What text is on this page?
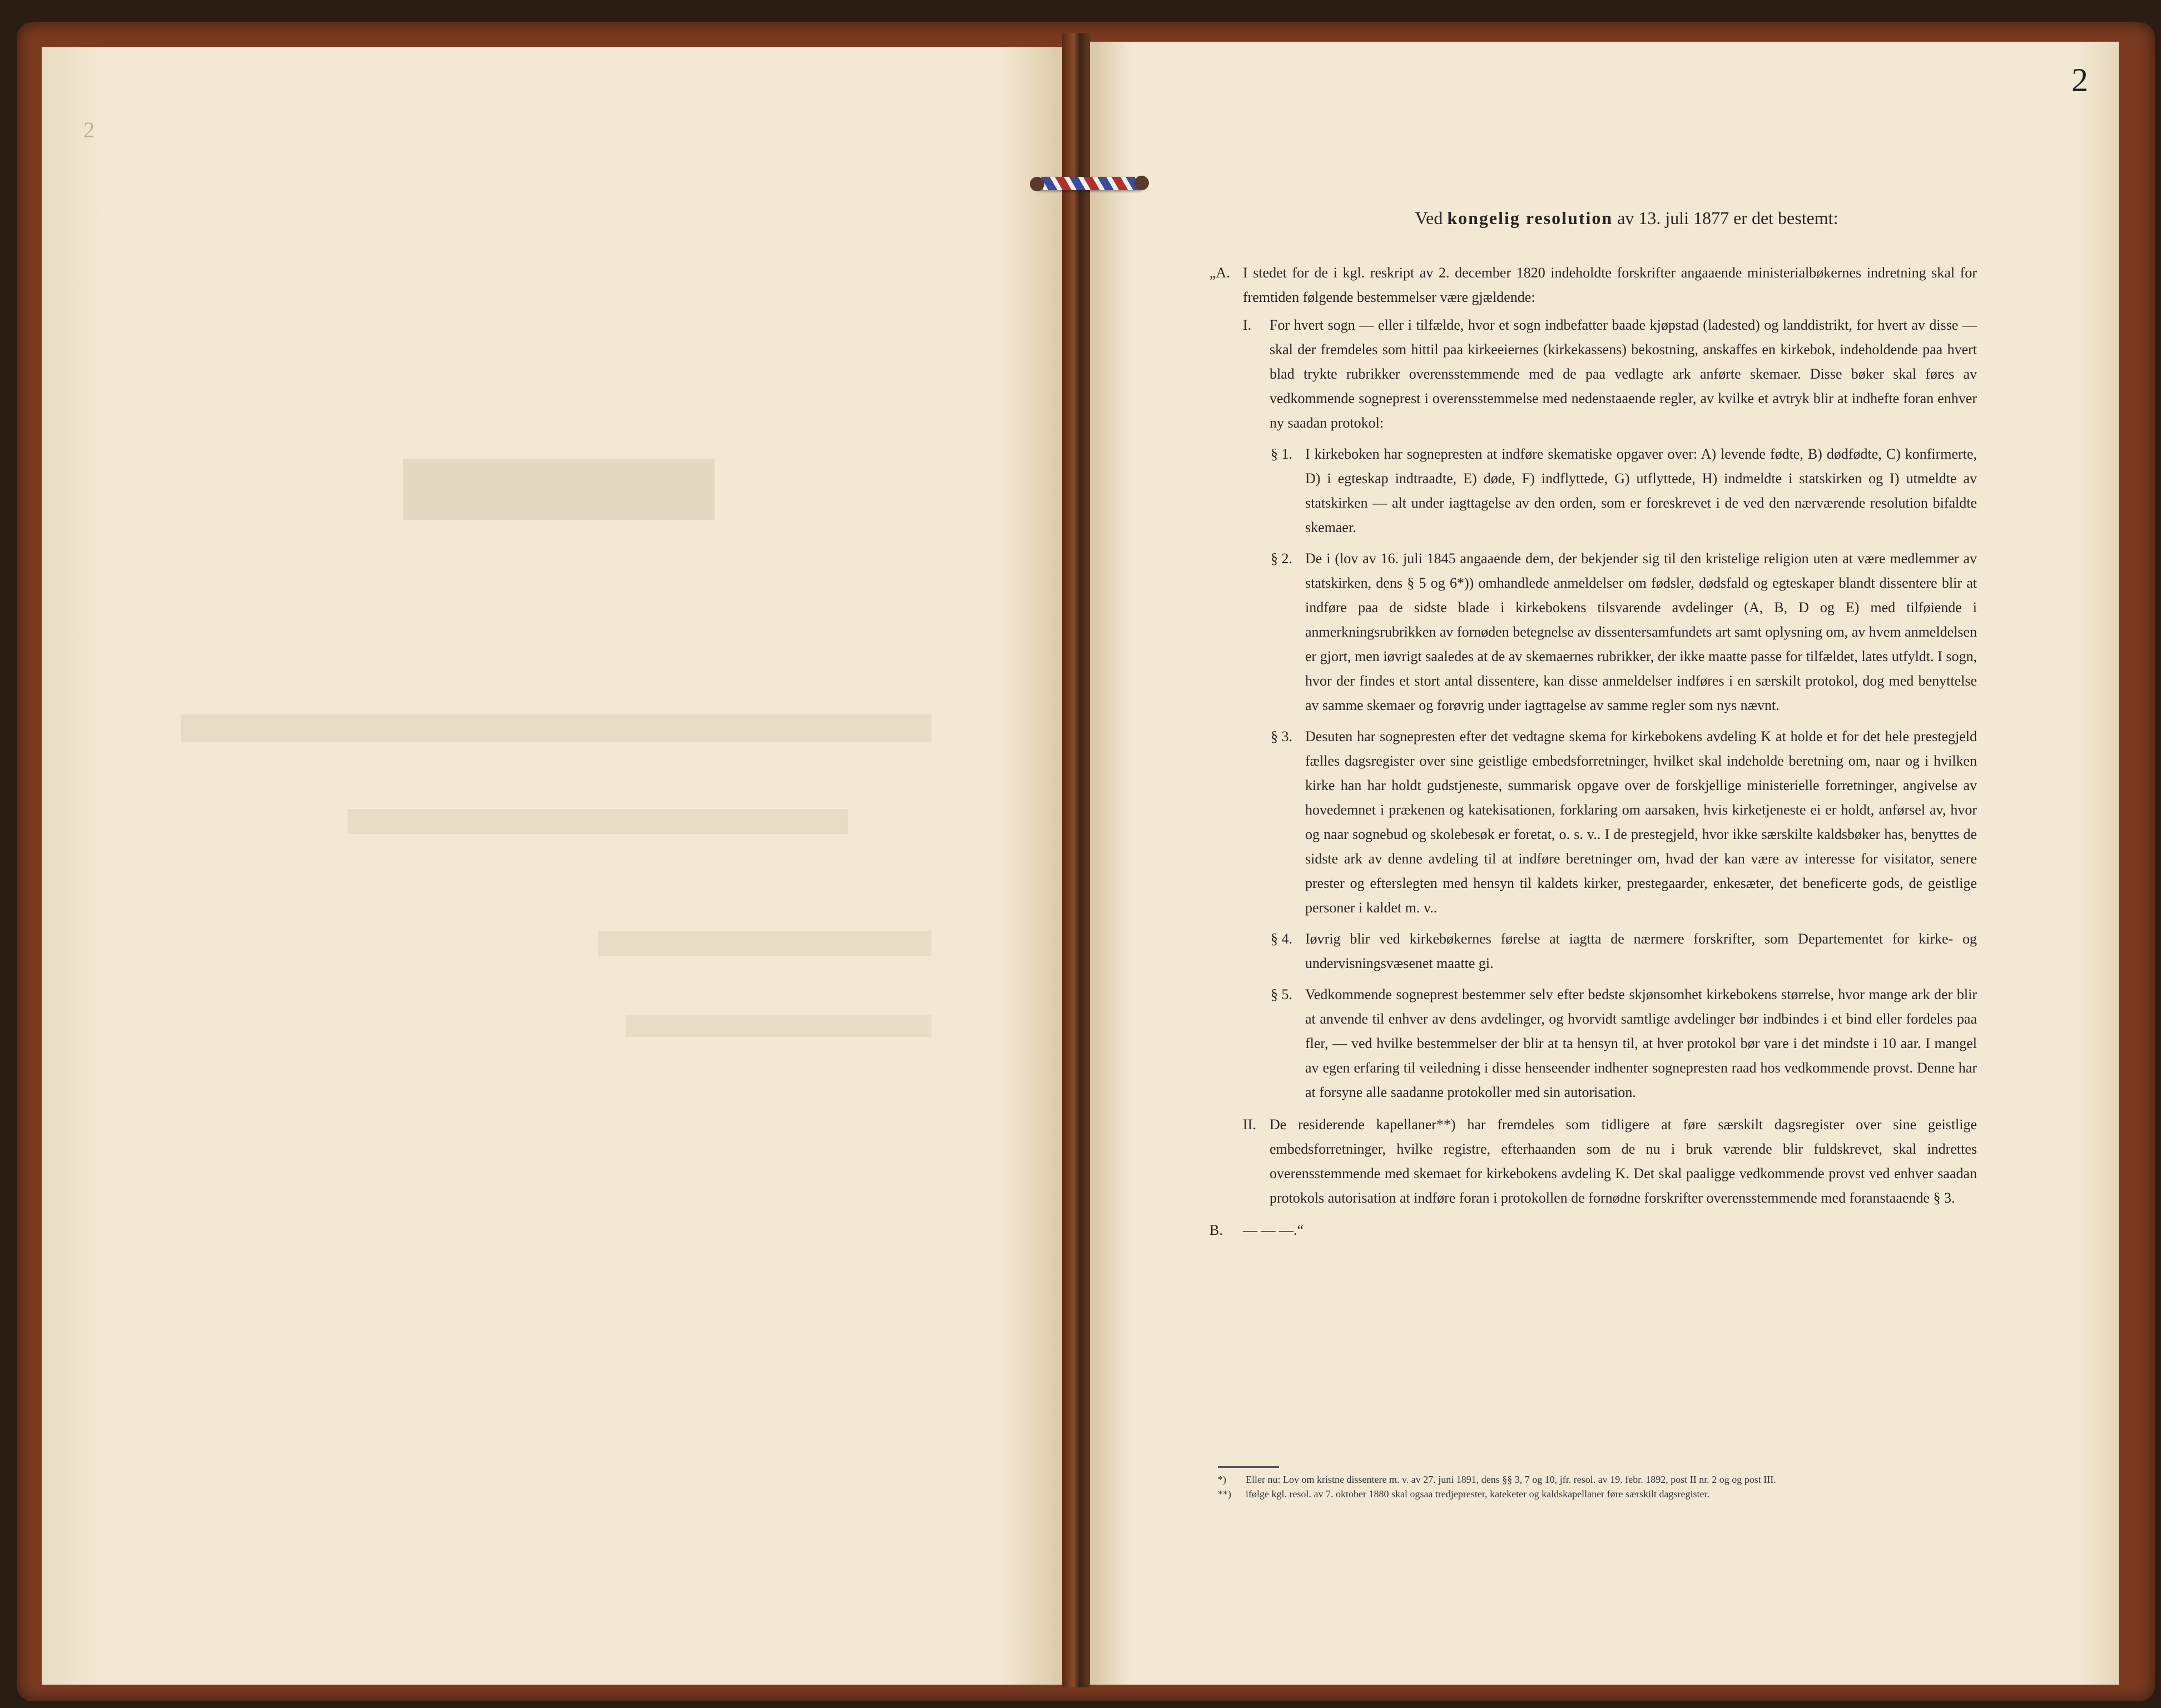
2
2
Ved kongelig resolution av 13. juli 1877 er det bestemt:
„A. I stedet for de i kgl. reskript av 2. december 1820 indeholdte forskrifter angaaende ministerialbøkernes indretning skal for fremtiden følgende bestemmelser være gjældende:
I.	For hvert sogn — eller i tilfælde, hvor et sogn indbefatter baade kjøpstad (ladested) og landdistrikt, for hvert av disse — skal der fremdeles som hittil paa kirkeeiernes (kirkekassens) bekostning, anskaffes en kirkebok, indeholdende paa hvert blad trykte rubrikker overensstemmende med de paa vedlagte ark anførte skemaer. Disse bøker skal føres av vedkommende sogneprest i overensstemmelse med nedenstaaende regler, av kvilke et avtryk blir at indhefte foran enhver ny saadan protokol:
§ 1. I kirkeboken har sognepresten at indføre skematiske opgaver over: A) levende fødte, B) dødfødte, C) konfirmerte, D) i egteskap indtraadte, E) døde, F) indflyttede, G) utflyttede, H) indmeldte i statskirken og I) utmeldte av statskirken — alt under iagttagelse av den orden, som er foreskrevet i de ved den nærværende resolution bifaldte skemaer.
§ 2. De i (lov av 16. juli 1845 angaaende dem, der bekjender sig til den kristelige religion uten at være medlemmer av statskirken, dens § 5 og 6*)) omhandlede anmeldelser om fødsler, dødsfald og egteskaper blandt dissentere blir at indføre paa de sidste blade i kirkebokens tilsvarende avdelinger (A, B, D og E) med tilføiende i anmerkningsrubrikken av fornøden betegnelse av dissentersamfundets art samt oplysning om, av hvem anmeldelsen er gjort, men iøvrigt saaledes at de av skemaernes rubrikker, der ikke maatte passe for tilfældet, lates utfyldt. I sogn, hvor der findes et stort antal dissentere, kan disse anmeldelser indføres i en særskilt protokol, dog med benyttelse av samme skemaer og forøvrig under iagttagelse av samme regler som nys nævnt.
§ 3. Desuten har sognepresten efter det vedtagne skema for kirkebokens avdeling K at holde et for det hele prestegjeld fælles dagsregister over sine geistlige embedsforretninger, hvilket skal indeholde beretning om, naar og i hvilken kirke han har holdt gudstjeneste, summarisk opgave over de forskjellige ministerielle forretninger, angivelse av hovedemnet i prækenen og katekisationen, forklaring om aarsaken, hvis kirketjeneste ei er holdt, anførsel av, hvor og naar sognebud og skolebesøk er foretat, o. s. v.. I de prestegjeld, hvor ikke særskilte kaldsbøker has, benyttes de sidste ark av denne avdeling til at indføre beretninger om, hvad der kan være av interesse for visitator, senere prester og efterslegten med hensyn til kaldets kirker, prestegaarder, enkesæter, det beneficerte gods, de geistlige personer i kaldet m. v..
§ 4. Iøvrig blir ved kirkebøkernes førelse at iagtta de nærmere forskrifter, som Departementet for kirke- og undervisningsvæsenet maatte gi.
§ 5. Vedkommende sogneprest bestemmer selv efter bedste skjønsomhet kirkebokens størrelse, hvor mange ark der blir at anvende til enhver av dens avdelinger, og hvorvidt samtlige avdelinger bør indbindes i et bind eller fordeles paa fler, — ved hvilke bestemmelser der blir at ta hensyn til, at hver protokol bør vare i det mindste i 10 aar. I mangel av egen erfaring til veiledning i disse henseender indhenter sognepresten raad hos vedkommende provst. Denne har at forsyne alle saadanne protokoller med sin autorisation.
II. De residerende kapellaner**) har fremdeles som tidligere at føre særskilt dagsregister over sine geistlige embedsforretninger, hvilke registre, efterhaanden som de nu i bruk værende blir fuldskrevet, skal indrettes overensstemmende med skemaet for kirkebokens avdeling K. Det skal paaligge vedkommende provst ved enhver saadan protokols autorisation at indføre foran i protokollen de fornødne forskrifter overensstemmende med foranstaaende § 3.
B.	— — —.“
*)	Eller nu: Lov om kristne dissentere m. v. av 27. juni 1891, dens §§ 3, 7 og 10, jfr. resol. av 19. febr. 1892, post II nr. 2 og og post III.
**)	ifølge kgl. resol. av 7. oktober 1880 skal ogsaa tredjeprester, kateketer og kaldskapellaner føre særskilt dagsregister.
